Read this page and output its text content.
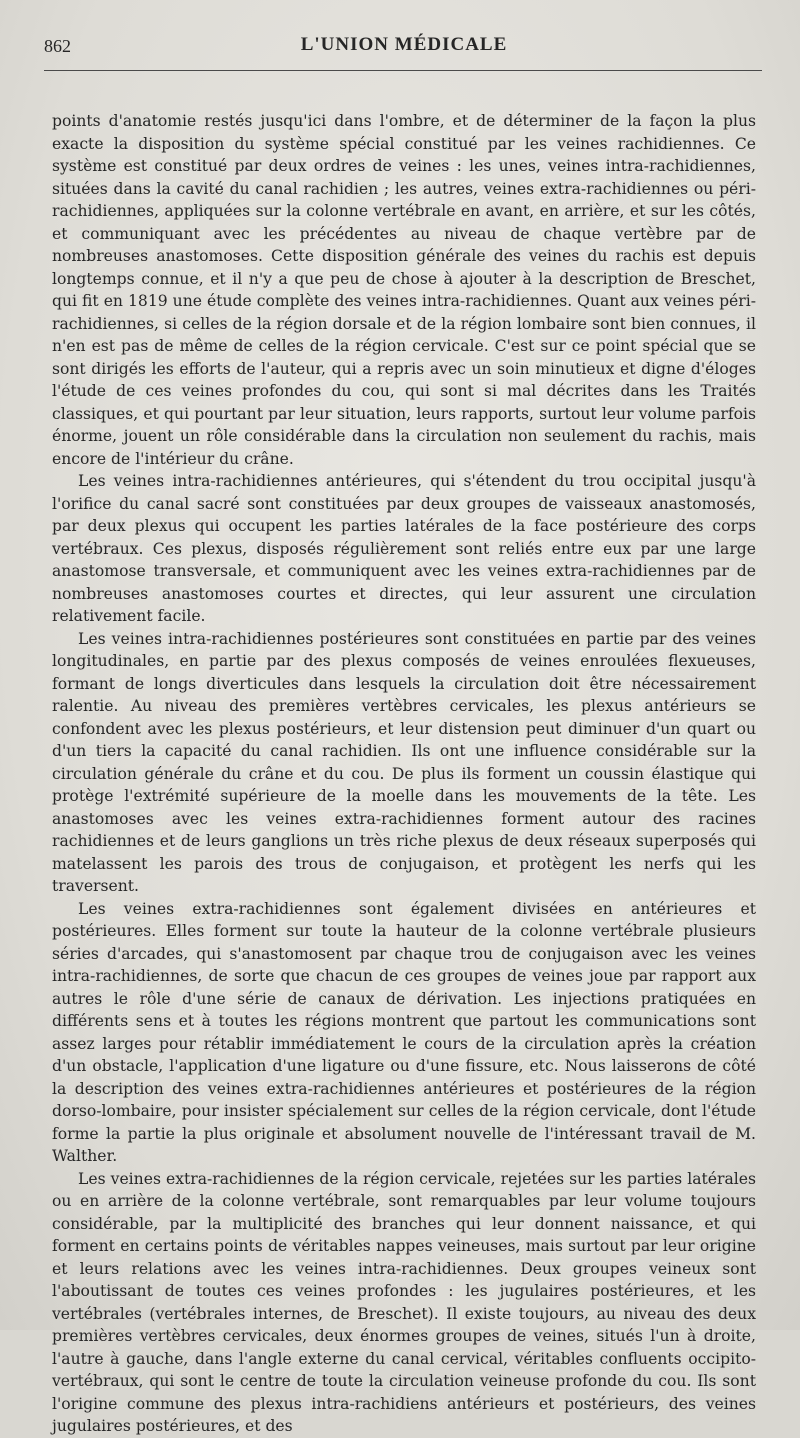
862	L'UNION MÉDICALE

points d'anatomie restés jusqu'ici dans l'ombre, et de déterminer de la façon la plus exacte la disposition du système spécial constitué par les veines rachidiennes. Ce système est constitué par deux ordres de veines : les unes, veines intra-rachidiennes, situées dans la cavité du canal rachidien ; les autres, veines extra-rachidiennes ou péri-rachidiennes, appliquées sur la colonne vertébrale en avant, en arrière, et sur les côtés, et communiquant avec les précédentes au niveau de chaque vertèbre par de nombreuses anastomoses. Cette disposition générale des veines du rachis est depuis longtemps connue, et il n'y a que peu de chose à ajouter à la description de Breschet, qui fit en 1819 une étude complète des veines intra-rachidiennes. Quant aux veines péri-rachidiennes, si celles de la région dorsale et de la région lombaire sont bien connues, il n'en est pas de même de celles de la région cervicale. C'est sur ce point spécial que se sont dirigés les efforts de l'auteur, qui a repris avec un soin minutieux et digne d'éloges l'étude de ces veines profondes du cou, qui sont si mal décrites dans les Traités classiques, et qui pourtant par leur situation, leurs rapports, surtout leur volume parfois énorme, jouent un rôle considérable dans la circulation non seulement du rachis, mais encore de l'intérieur du crâne.

Les veines intra-rachidiennes antérieures, qui s'étendent du trou occipital jusqu'à l'orifice du canal sacré sont constituées par deux groupes de vaisseaux anastomosés, par deux plexus qui occupent les parties latérales de la face postérieure des corps vertébraux. Ces plexus, disposés régulièrement sont reliés entre eux par une large anastomose transversale, et communiquent avec les veines extra-rachidiennes par de nombreuses anastomoses courtes et directes, qui leur assurent une circulation relativement facile.

Les veines intra-rachidiennes postérieures sont constituées en partie par des veines longitudinales, en partie par des plexus composés de veines enroulées flexueuses, formant de longs diverticules dans lesquels la circulation doit être nécessairement ralentie. Au niveau des premières vertèbres cervicales, les plexus antérieurs se confondent avec les plexus postérieurs, et leur distension peut diminuer d'un quart ou d'un tiers la capacité du canal rachidien. Ils ont une influence considérable sur la circulation générale du crâne et du cou. De plus ils forment un coussin élastique qui protège l'extrémité supérieure de la moelle dans les mouvements de la tête. Les anastomoses avec les veines extra-rachidiennes forment autour des racines rachidiennes et de leurs ganglions un très riche plexus de deux réseaux superposés qui matelassent les parois des trous de conjugaison, et protègent les nerfs qui les traversent.

Les veines extra-rachidiennes sont également divisées en antérieures et postérieures. Elles forment sur toute la hauteur de la colonne vertébrale plusieurs séries d'arcades, qui s'anastomosent par chaque trou de conjugaison avec les veines intra-rachidiennes, de sorte que chacun de ces groupes de veines joue par rapport aux autres le rôle d'une série de canaux de dérivation. Les injections pratiquées en différents sens et à toutes les régions montrent que partout les communications sont assez larges pour rétablir immédiatement le cours de la circulation après la création d'un obstacle, l'application d'une ligature ou d'une fissure, etc. Nous laisserons de côté la description des veines extra-rachidiennes antérieures et postérieures de la région dorso-lombaire, pour insister spécialement sur celles de la région cervicale, dont l'étude forme la partie la plus originale et absolument nouvelle de l'intéressant travail de M. Walther.

Les veines extra-rachidiennes de la région cervicale, rejetées sur les parties latérales ou en arrière de la colonne vertébrale, sont remarquables par leur volume toujours considérable, par la multiplicité des branches qui leur donnent naissance, et qui forment en certains points de véritables nappes veineuses, mais surtout par leur origine et leurs relations avec les veines intra-rachidiennes. Deux groupes veineux sont l'aboutissant de toutes ces veines profondes : les jugulaires postérieures, et les vertébrales (vertébrales internes, de Breschet). Il existe toujours, au niveau des deux premières vertèbres cervicales, deux énormes groupes de veines, situés l'un à droite, l'autre à gauche, dans l'angle externe du canal cervical, véritables confluents occipito-vertébraux, qui sont le centre de toute la circulation veineuse profonde du cou. Ils sont l'origine commune des plexus intra-rachidiens antérieurs et postérieurs, des veines jugulaires postérieures, et des
